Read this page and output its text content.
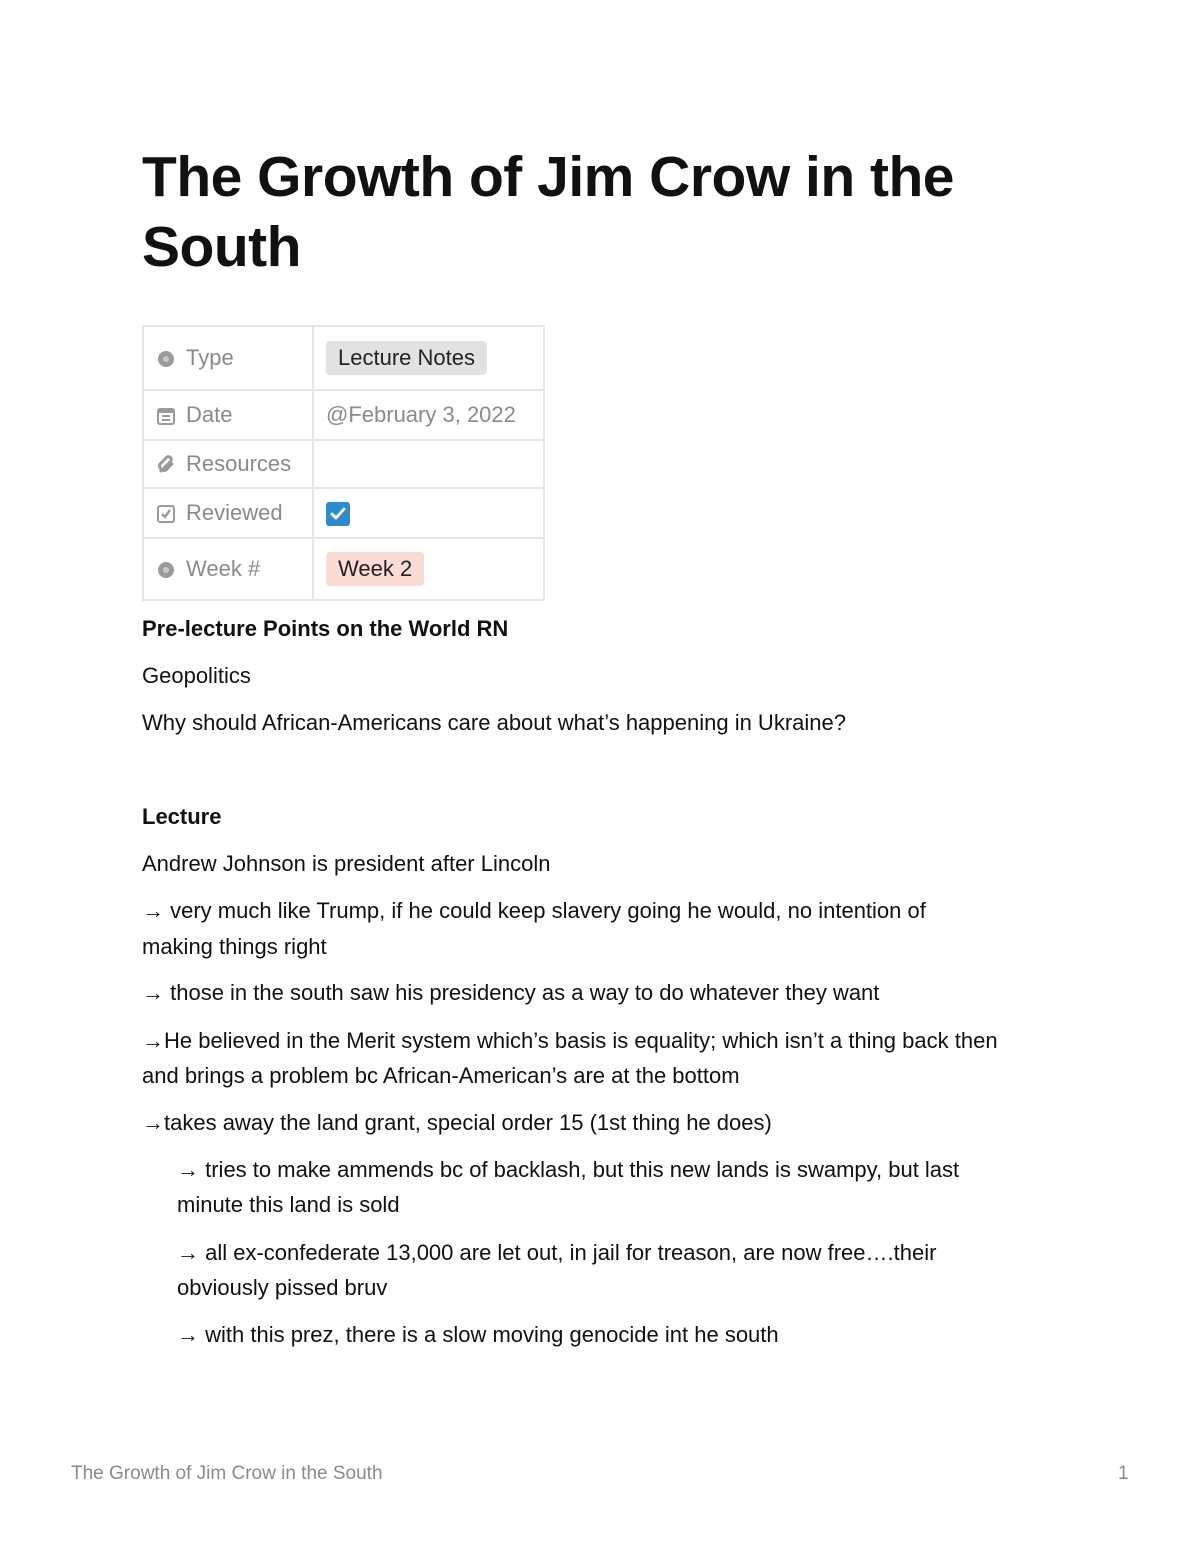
The Growth of Jim Crow in the
South
Type	Lecture Notes

Date	@February 3, 2022

Resources	

Reviewed

Week #	Week 2
Pre-lecture Points on the World RN
Geopolitics
Why should African-Americans care about what’s happening in Ukraine?
Lecture
Andrew Johnson is president after Lincoln
→ very much like Trump, if he could keep slavery going he would, no intention of
making things right
→ those in the south saw his presidency as a way to do whatever they want
→He believed in the Merit system which’s basis is equality; which isn’t a thing back then
and brings a problem bc African-American’s are at the bottom
→takes away the land grant, special order 15 (1st thing he does)
→ tries to make ammends bc of backlash, but this new lands is swampy, but last
minute this land is sold
→ all ex-confederate 13,000 are let out, in jail for treason, are now free….their
obviously pissed bruv
→ with this prez, there is a slow moving genocide int he south
The Growth of Jim Crow in the South	1
